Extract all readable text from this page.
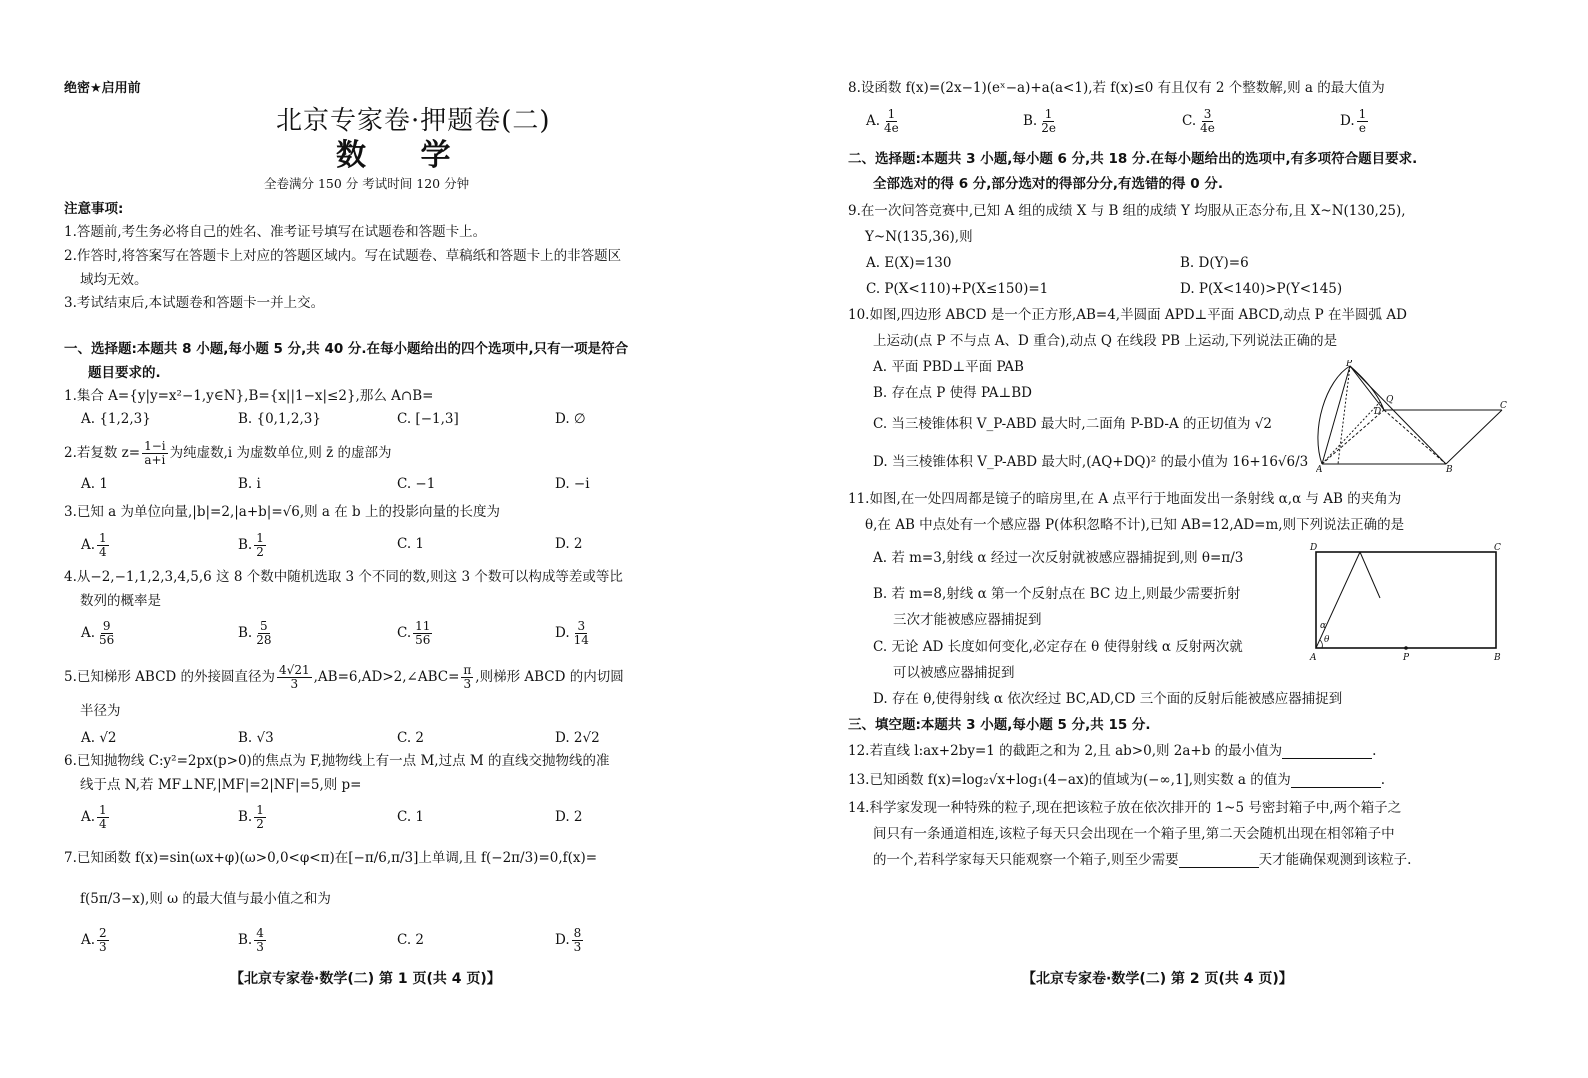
绝密★启用前
北京专家卷·押题卷(二)
数 学
全卷满分 150 分 考试时间 120 分钟
注意事项:
1.答题前,考生务必将自己的姓名、准考证号填写在试题卷和答题卡上。
2.作答时,将答案写在答题卡上对应的答题区域内。写在试题卷、草稿纸和答题卡上的非答题区
域均无效。
3.考试结束后,本试题卷和答题卡一并上交。
一、选择题:本题共 8 小题,每小题 5 分,共 40 分.在每小题给出的四个选项中,只有一项是符合
题目要求的.
1.集合 A={y|y=x²−1,y∈N},B={x||1−x|≤2},那么 A∩B=
A. {1,2,3}	B. {0,1,2,3}	C. [−1,3]	D. ∅
2.若复数 $z= \frac{1-i}{a+i}$ 为纯虚数,i 为虚数单位,则 z̄ 的虚部为
A. 1	B. i	C. −1	D. −i
3.已知 a 为单位向量,|b|=2,|a+b|=√6,则 a 在 b 上的投影向量的长度为
A. $\frac{1}{4}$	B. $\frac{1}{2}$	C. 1	D. 2
4.从−2,−1,1,2,3,4,5,6 这 8 个数中随机选取 3 个不同的数,则这 3 个数可以构成等差或等比
数列的概率是
A. $\frac{9}{56}$	B. $\frac{5}{28}$	C. $\frac{11}{56}$	D. $\frac{3}{14}$
5.已知梯形 ABCD 的外接圆直径为 $\frac{4√21}{3}$ ,AB=6,AD>2,∠ABC= $\frac{\pi}{3}$ ,则梯形 ABCD 的内切圆
半径为
A. √2	B. √3	C. 2	D. 2√2
6.已知抛物线 C:y²=2px(p>0)的焦点为 F,抛物线上有一点 M,过点 M 的直线交抛物线的准
线于点 N,若 MF⊥NF,|MF|=2|NF|=5,则 p=
A. $\frac{1}{4}$	B. $\frac{1}{2}$	C. 1	D. 2
7.已知函数 f(x)=sin(ωx+φ)(ω>0,0<φ<π)在[−π/6,π/3]上单调,且 f(−2π/3)=0,f(x)=
f(5π/3−x),则 ω 的最大值与最小值之和为
A. $\frac{2}{3}$	B. $\frac{4}{3}$	C. 2	D. $\frac{8}{3}$
【北京专家卷·数学(二) 第 1 页(共 4 页)】
8.设函数 f(x)=(2x−1)(eˣ−a)+a(a<1),若 f(x)≤0 有且仅有 2 个整数解,则 a 的最大值为
A. $\frac{1}{4e}$	B. $\frac{1}{2e}$	C. $\frac{3}{4e}$	D. $\frac{1}{e}$
二、选择题:本题共 3 小题,每小题 6 分,共 18 分.在每小题给出的选项中,有多项符合题目要求.
全部选对的得 6 分,部分选对的得部分分,有选错的得 0 分.
9.在一次问答竞赛中,已知 A 组的成绩 X 与 B 组的成绩 Y 均服从正态分布,且 X~N(130,25),
Y~N(135,36),则
A. E(X)=130	B. D(Y)=6
C. P(X<110)+P(X≤150)=1	D. P(X<140)>P(Y<145)
10.如图,四边形 ABCD 是一个正方形,AB=4,半圆面 APD⊥平面 ABCD,动点 P 在半圆弧 AD
上运动(点 P 不与点 A、D 重合),动点 Q 在线段 PB 上运动,下列说法正确的是
A. 平面 PBD⊥平面 PAB
B. 存在点 P 使得 PA⊥BD
C. 当三棱锥体积 V_P-ABD 最大时,二面角 P-BD-A 的正切值为 √2
D. 当三棱锥体积 V_P-ABD 最大时,(AQ+DQ)² 的最小值为 16+16√6/3
P
Q
D
C
A	B
11.如图,在一处四周都是镜子的暗房里,在 A 点平行于地面发出一条射线 α,α 与 AB 的夹角为
θ,在 AB 中点处有一个感应器 P(体积忽略不计),已知 AB=12,AD=m,则下列说法正确的是
A. 若 m=3,射线 α 经过一次反射就被感应器捕捉到,则 θ=π/3
B. 若 m=8,射线 α 第一个反射点在 BC 边上,则最少需要折射
三次才能被感应器捕捉到
C. 无论 AD 长度如何变化,必定存在 θ 使得射线 α 反射两次就
可以被感应器捕捉到
D. 存在 θ,使得射线 α 依次经过 BC,AD,CD 三个面的反射后能被感应器捕捉到
D	C
A	P	B
α
θ
三、填空题:本题共 3 小题,每小题 5 分,共 15 分.
12.若直线 l:ax+2by=1 的截距之和为 2,且 ab>0,则 2a+b 的最小值为	.
13.已知函数 f(x)=log₂√x+log₁(4−ax)的值域为(−∞,1],则实数 a 的值为	.
14.科学家发现一种特殊的粒子,现在把该粒子放在依次排开的 1~5 号密封箱子中,两个箱子之
间只有一条通道相连,该粒子每天只会出现在一个箱子里,第二天会随机出现在相邻箱子中
的一个,若科学家每天只能观察一个箱子,则至少需要	天才能确保观测到该粒子.
【北京专家卷·数学(二) 第 2 页(共 4 页)】
